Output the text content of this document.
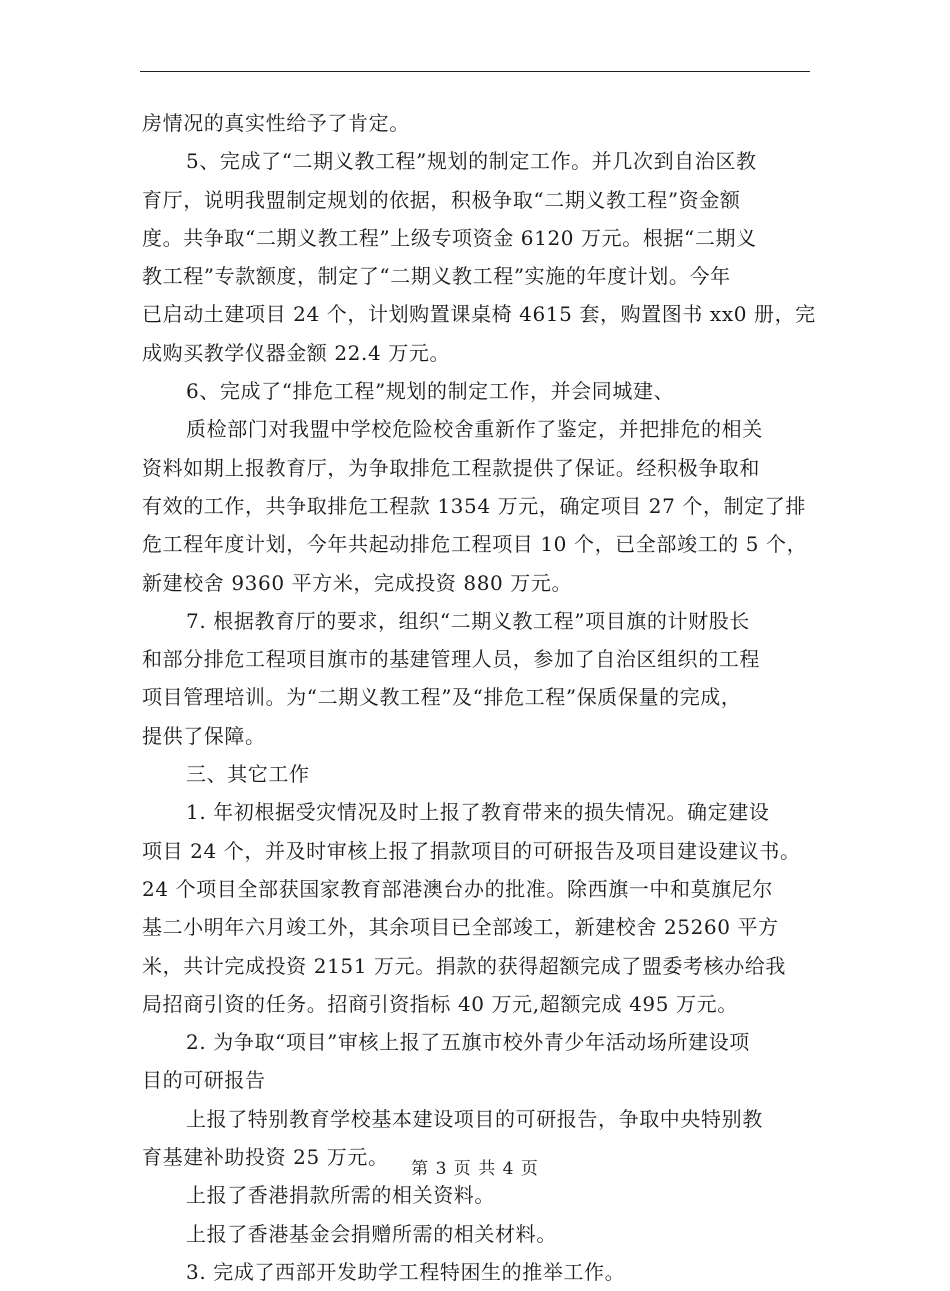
房情况的真实性给予了肯定。
5、完成了“二期义教工程”规划的制定工作。并几次到自治区教
育厅，说明我盟制定规划的依据，积极争取“二期义教工程”资金额
度。共争取“二期义教工程”上级专项资金 6120 万元。根据“二期义
教工程”专款额度，制定了“二期义教工程”实施的年度计划。今年
已启动土建项目 24 个，计划购置课桌椅 4615 套，购置图书 xx0 册，完
成购买教学仪器金额 22.4 万元。
6、完成了“排危工程”规划的制定工作，并会同城建、
质检部门对我盟中学校危险校舍重新作了鉴定，并把排危的相关
资料如期上报教育厅，为争取排危工程款提供了保证。经积极争取和
有效的工作，共争取排危工程款 1354 万元，确定项目 27 个，制定了排
危工程年度计划，今年共起动排危工程项目 10 个，已全部竣工的 5 个，
新建校舍 9360 平方米，完成投资 880 万元。
7. 根据教育厅的要求，组织“二期义教工程”项目旗的计财股长
和部分排危工程项目旗市的基建管理人员，参加了自治区组织的工程
项目管理培训。为“二期义教工程”及“排危工程”保质保量的完成，
提供了保障。
三、其它工作
1. 年初根据受灾情况及时上报了教育带来的损失情况。确定建设
项目 24 个，并及时审核上报了捐款项目的可研报告及项目建设建议书。
24 个项目全部获国家教育部港澳台办的批准。除西旗一中和莫旗尼尔
基二小明年六月竣工外，其余项目已全部竣工，新建校舍 25260 平方
米，共计完成投资 2151 万元。捐款的获得超额完成了盟委考核办给我
局招商引资的任务。招商引资指标 40 万元,超额完成 495 万元。
2. 为争取“项目”审核上报了五旗市校外青少年活动场所建设项
目的可研报告
上报了特别教育学校基本建设项目的可研报告，争取中央特别教
育基建补助投资 25 万元。
上报了香港捐款所需的相关资料。
上报了香港基金会捐赠所需的相关材料。
3. 完成了西部开发助学工程特困生的推举工作。
第 3 页 共 4 页
